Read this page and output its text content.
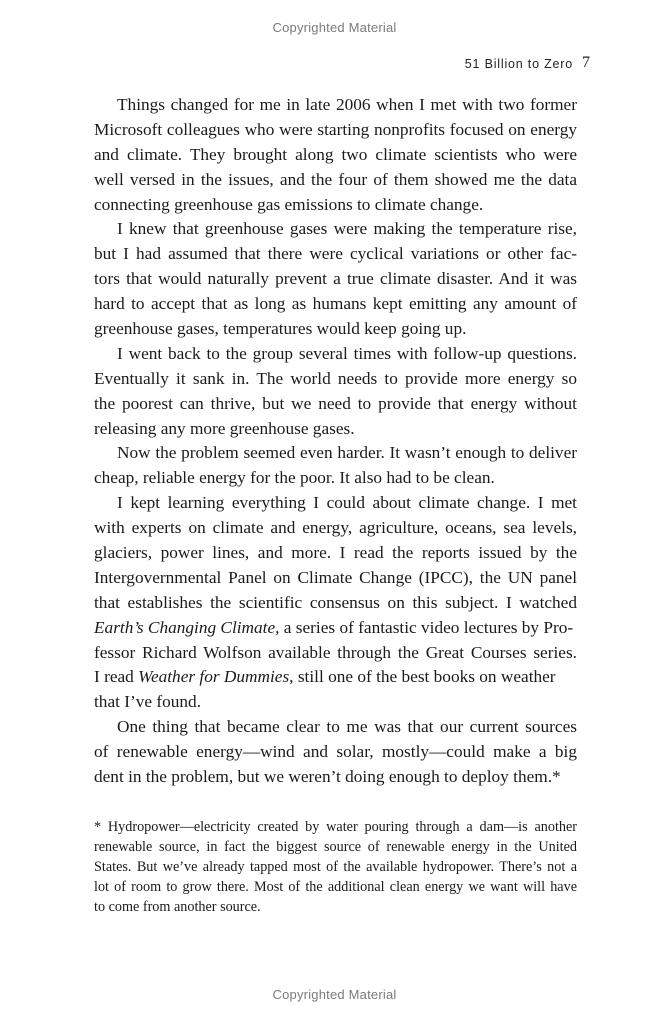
Copyrighted Material
51 Billion to Zero 7
Things changed for me in late 2006 when I met with two former
Microsoft colleagues who were starting nonprofits focused on energy
and climate. They brought along two climate scientists who were
well versed in the issues, and the four of them showed me the data
connecting greenhouse gas emissions to climate change.
I knew that greenhouse gases were making the temperature rise,
but I had assumed that there were cyclical variations or other fac-
tors that would naturally prevent a true climate disaster. And it was
hard to accept that as long as humans kept emitting any amount of
greenhouse gases, temperatures would keep going up.
I went back to the group several times with follow-up questions.
Eventually it sank in. The world needs to provide more energy so
the poorest can thrive, but we need to provide that energy without
releasing any more greenhouse gases.
Now the problem seemed even harder. It wasn’t enough to deliver
cheap, reliable energy for the poor. It also had to be clean.
I kept learning everything I could about climate change. I met
with experts on climate and energy, agriculture, oceans, sea levels,
glaciers, power lines, and more. I read the reports issued by the
Intergovernmental Panel on Climate Change (IPCC), the UN panel
that establishes the scientific consensus on this subject. I watched
Earth’s Changing Climate, a series of fantastic video lectures by Pro-
fessor Richard Wolfson available through the Great Courses series.
I read Weather for Dummies, still one of the best books on weather
that I’ve found.
One thing that became clear to me was that our current sources
of renewable energy—wind and solar, mostly—could make a big
dent in the problem, but we weren’t doing enough to deploy them.*
* Hydropower—electricity created by water pouring through a dam—is another
renewable source, in fact the biggest source of renewable energy in the United
States. But we’ve already tapped most of the available hydropower. There’s not a
lot of room to grow there. Most of the additional clean energy we want will have
to come from another source.
Copyrighted Material
